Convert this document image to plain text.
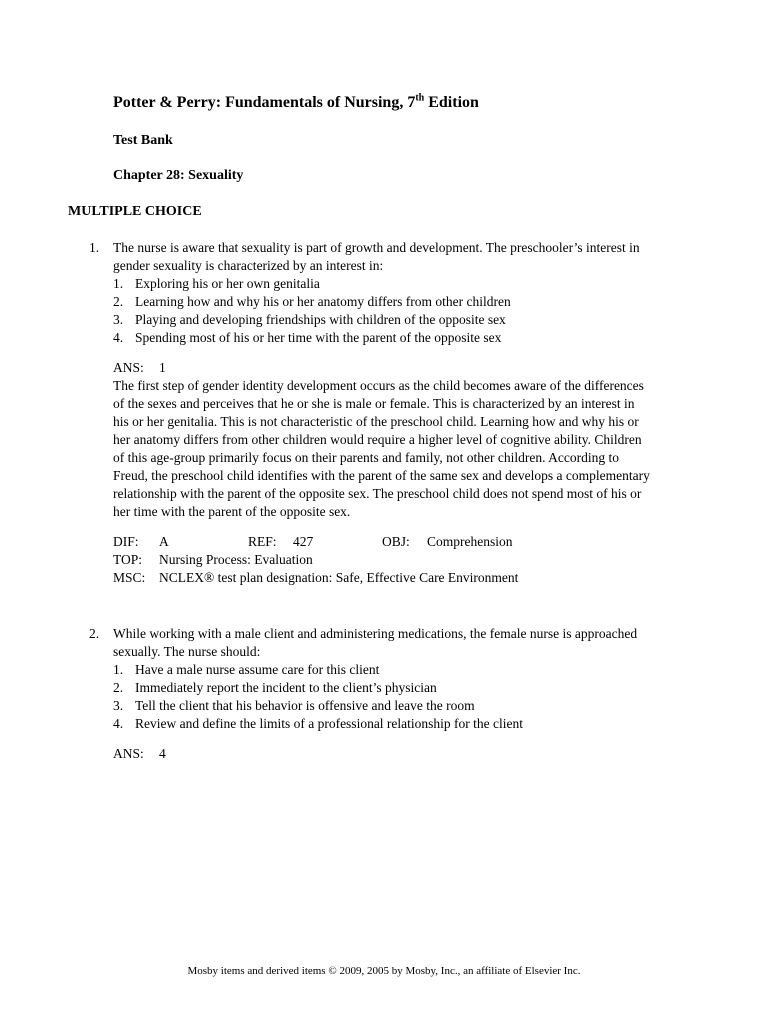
Potter & Perry: Fundamentals of Nursing, 7th Edition
Test Bank
Chapter 28: Sexuality
MULTIPLE CHOICE
1. The nurse is aware that sexuality is part of growth and development. The preschooler’s interest in gender sexuality is characterized by an interest in:
1. Exploring his or her own genitalia
2. Learning how and why his or her anatomy differs from other children
3. Playing and developing friendships with children of the opposite sex
4. Spending most of his or her time with the parent of the opposite sex
ANS: 1
The first step of gender identity development occurs as the child becomes aware of the differences of the sexes and perceives that he or she is male or female. This is characterized by an interest in his or her genitalia. This is not characteristic of the preschool child. Learning how and why his or her anatomy differs from other children would require a higher level of cognitive ability. Children of this age-group primarily focus on their parents and family, not other children. According to Freud, the preschool child identifies with the parent of the same sex and develops a complementary relationship with the parent of the opposite sex. The preschool child does not spend most of his or her time with the parent of the opposite sex.
DIF: A	REF: 427	OBJ: Comprehension
TOP: Nursing Process: Evaluation
MSC: NCLEX® test plan designation: Safe, Effective Care Environment
2. While working with a male client and administering medications, the female nurse is approached sexually. The nurse should:
1. Have a male nurse assume care for this client
2. Immediately report the incident to the client’s physician
3. Tell the client that his behavior is offensive and leave the room
4. Review and define the limits of a professional relationship for the client
ANS: 4
Mosby items and derived items © 2009, 2005 by Mosby, Inc., an affiliate of Elsevier Inc.
